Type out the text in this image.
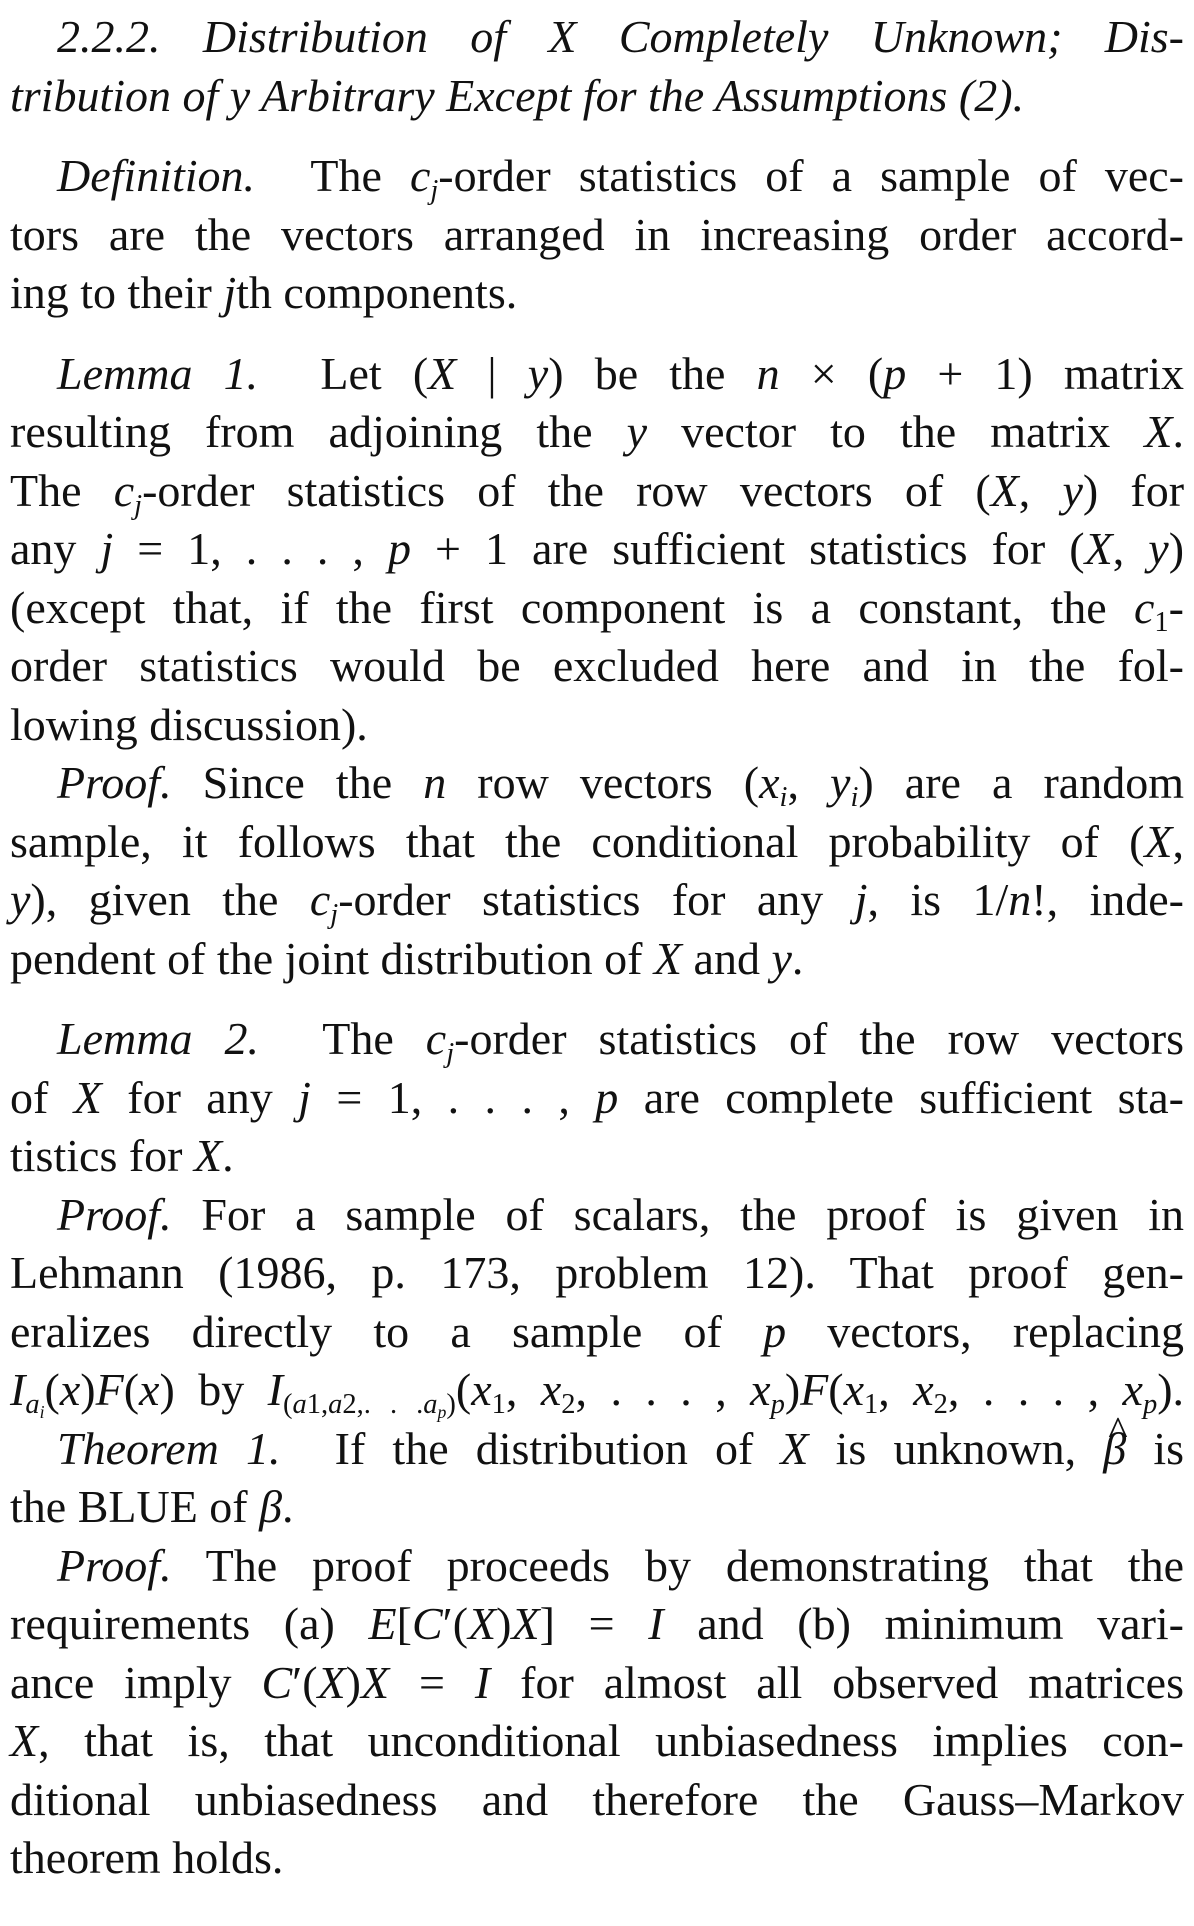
2.2.2. Distribution of X Completely Unknown; Dis-
tribution of y Arbitrary Except for the Assumptions (2).
Definition.  The $c_j$-order statistics of a sample of vec-
tors are the vectors arranged in increasing order accord-
ing to their jth components.
Lemma 1.  Let (X | y) be the n × (p + 1) matrix
resulting from adjoining the y vector to the matrix X.
The $c_j$-order statistics of the row vectors of (X, y) for
any j = 1, . . . , p + 1 are sufficient statistics for (X, y)
(except that, if the first component is a constant, the $c_1-$
order statistics would be excluded here and in the fol-
lowing discussion).
Proof. Since the n row vectors ($x_i$, $y_i$) are a random
sample, it follows that the conditional probability of (X,
y), given the $c_j$-order statistics for any j, is 1/n!, inde-
pendent of the joint distribution of X and y.
Lemma 2.  The $c_j$-order statistics of the row vectors
of X for any j = 1, . . . , p are complete sufficient sta-
tistics for X.
Proof. For a sample of scalars, the proof is given in
Lehmann (1986, p. 173, problem 12). That proof gen-
eralizes directly to a sample of p vectors, replacing
$I_{a_i}(x)F(x)$ by $I_{(a1,a2,. . .a_p)}(x_1$, $x_2$, . . . , $x_p)F(x_1$, $x_2$, . . . , $x_p$).
Theorem 1.  If the distribution of X is unknown, ^ β is
the BLUE of β.
Proof. The proof proceeds by demonstrating that the
requirements (a) E[C′(X)X] = I and (b) minimum vari-
ance imply C′(X)X = I for almost all observed matrices
X, that is, that unconditional unbiasedness implies con-
ditional unbiasedness and therefore the Gauss–Markov
theorem holds.
